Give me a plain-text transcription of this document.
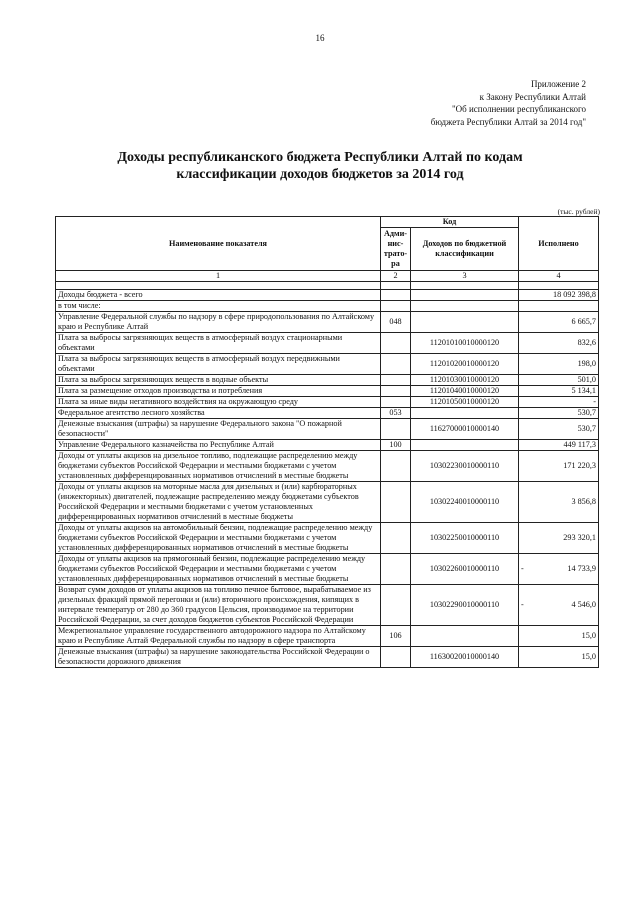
16
Приложение 2
к Закону Республики Алтай
"Об исполнении республиканского
бюджета Республики Алтай за 2014 год"
Доходы республиканского бюджета Республики Алтай по кодам
классификации доходов бюджетов за 2014 год
(тыс. рублей)
Наименование показателя	Код		Исполнено
	Адми-нис-трато-ра	Доходов по бюджетной классификации	
1	2	3	4

Доходы бюджета - всего			18 092 398,8
в том числе:			
Управление Федеральной службы по надзору в сфере природопользования по Алтайскому краю и Республике Алтай	048		6 665,7
Плата за выбросы загрязняющих веществ в атмосферный воздух стационарными объектами		11201010010000120	832,6
Плата за выбросы загрязняющих веществ в атмосферный воздух передвижными объектами		11201020010000120	198,0
Плата за выбросы загрязняющих веществ в водные объекты		11201030010000120	501,0
Плата за размещение отходов производства и потребления		11201040010000120	5 134,1
Плата за иные виды негативного воздействия на окружающую среду		11201050010000120	-
Федеральное агентство лесного хозяйства	053		530,7
Денежные взыскания (штрафы) за нарушение Федерального закона "О пожарной безопасности"		11627000010000140	530,7
Управление Федерального казначейства по Республике Алтай	100		449 117,3
Доходы от уплаты акцизов на дизельное топливо, подлежащие распределению между бюджетами субъектов Российской Федерации и местными бюджетами с учетом установленных дифференцированных нормативов отчислений в местные бюджеты		10302230010000110	171 220,3
Доходы от уплаты акцизов на моторные масла для дизельных и (или) карбюраторных (инжекторных) двигателей, подлежащие распределению между бюджетами субъектов Российской Федерации и местными бюджетами с учетом установленных дифференцированных нормативов отчислений в местные бюджеты		10302240010000110	3 856,8
Доходы от уплаты акцизов на автомобильный бензин, подлежащие распределению между бюджетами субъектов Российской Федерации и местными бюджетами с учетом установленных дифференцированных нормативов отчислений в местные бюджеты		10302250010000110	293 320,1
Доходы от уплаты акцизов на прямогонный бензин, подлежащие распределению между бюджетами субъектов Российской Федерации и местными бюджетами с учетом установленных дифференцированных нормативов отчислений в местные бюджеты		10302260010000110	- 14 733,9
Возврат сумм доходов от уплаты акцизов на топливо печное бытовое, вырабатываемое из дизельных фракций прямой перегонки и (или) вторичного происхождения, кипящих в интервале температур от 280 до 360 градусов Цельсия, производимое на территории Российской Федерации, за счет доходов бюджетов субъектов Российской Федерации		10302290010000110	- 4 546,0
Межрегиональное управление государственного автодорожного надзора по Алтайскому краю и Республике Алтай Федеральной службы по надзору в сфере транспорта	106		15,0
Денежные взыскания (штрафы) за нарушение законодательства Российской Федерации о безопасности дорожного движения		11630020010000140	15,0
